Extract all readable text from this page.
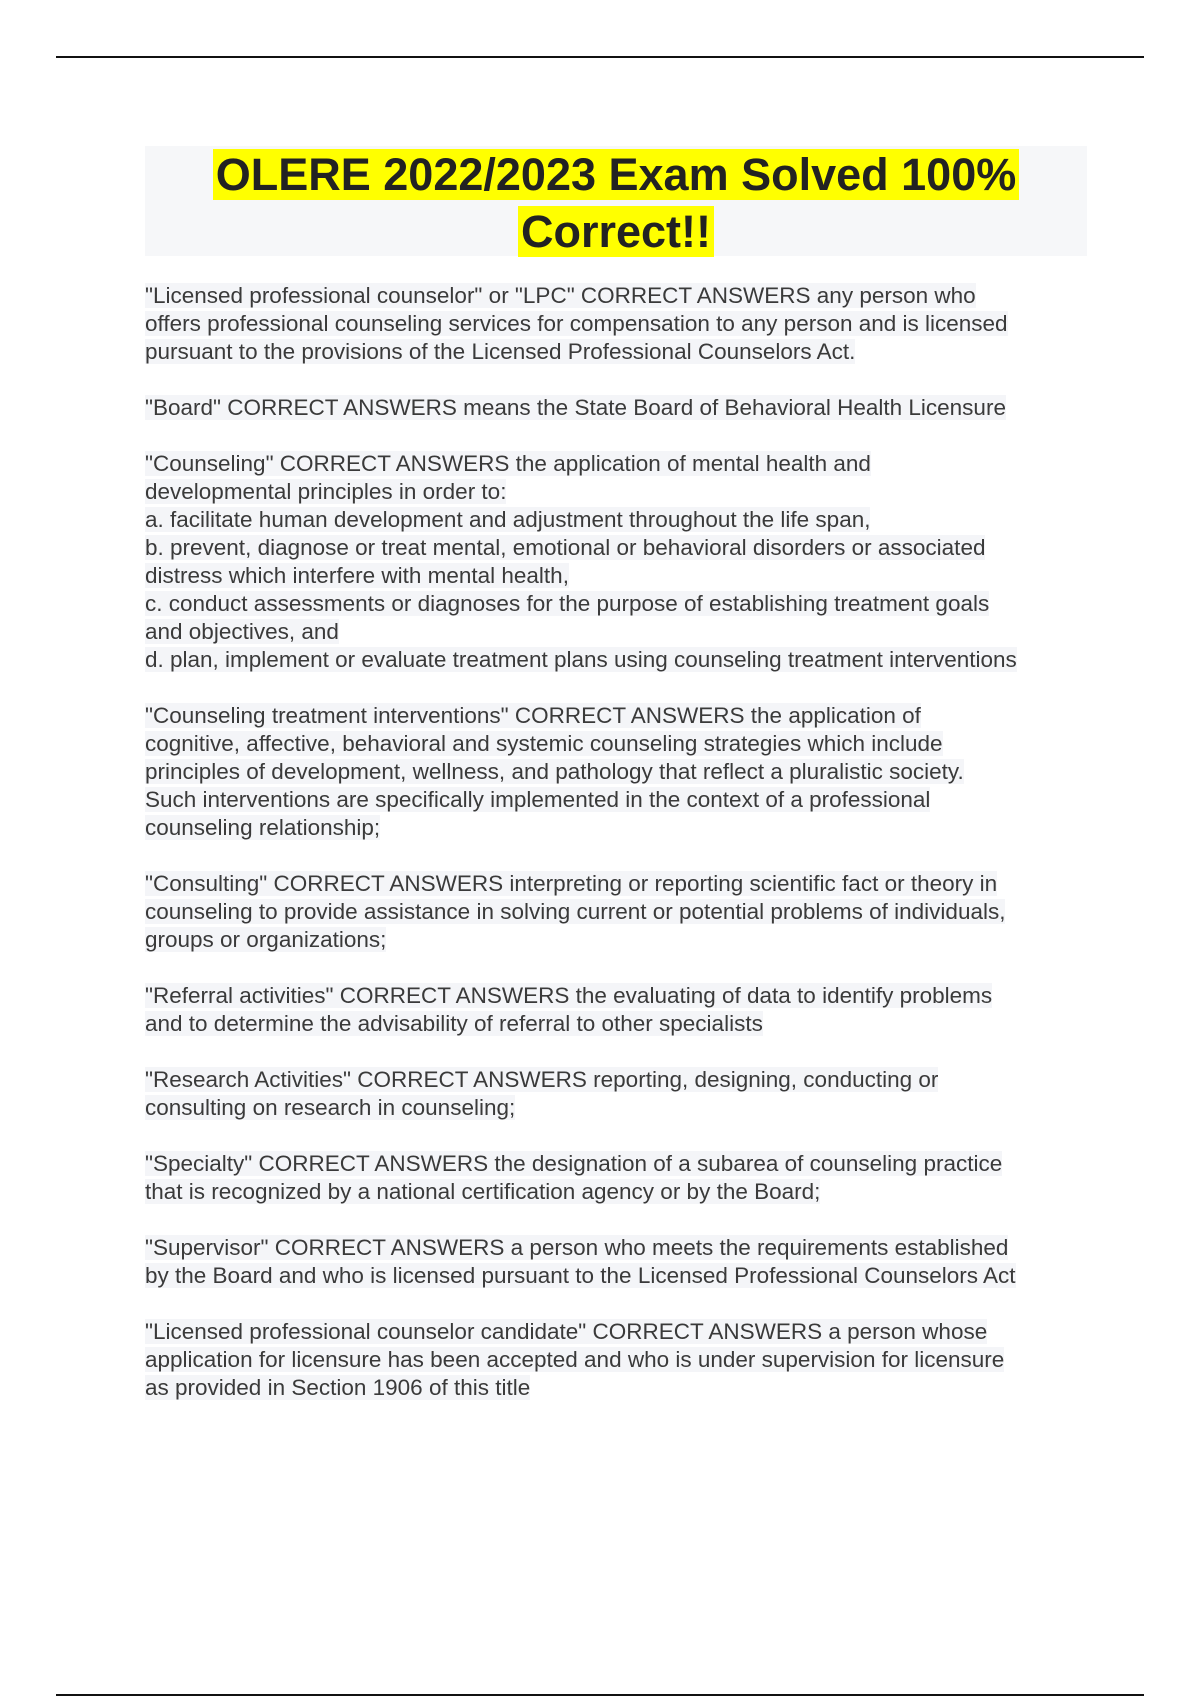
OLERE 2022/2023 Exam Solved 100%
Correct!!
"Licensed professional counselor" or "LPC" CORRECT ANSWERS any person who
offers professional counseling services for compensation to any person and is licensed
pursuant to the provisions of the Licensed Professional Counselors Act.
"Board" CORRECT ANSWERS means the State Board of Behavioral Health Licensure
"Counseling" CORRECT ANSWERS the application of mental health and
developmental principles in order to:
a. facilitate human development and adjustment throughout the life span,
b. prevent, diagnose or treat mental, emotional or behavioral disorders or associated
distress which interfere with mental health,
c. conduct assessments or diagnoses for the purpose of establishing treatment goals
and objectives, and
d. plan, implement or evaluate treatment plans using counseling treatment interventions
"Counseling treatment interventions" CORRECT ANSWERS the application of
cognitive, affective, behavioral and systemic counseling strategies which include
principles of development, wellness, and pathology that reflect a pluralistic society.
Such interventions are specifically implemented in the context of a professional
counseling relationship;
"Consulting" CORRECT ANSWERS interpreting or reporting scientific fact or theory in
counseling to provide assistance in solving current or potential problems of individuals,
groups or organizations;
"Referral activities" CORRECT ANSWERS the evaluating of data to identify problems
and to determine the advisability of referral to other specialists
"Research Activities" CORRECT ANSWERS reporting, designing, conducting or
consulting on research in counseling;
"Specialty" CORRECT ANSWERS the designation of a subarea of counseling practice
that is recognized by a national certification agency or by the Board;
"Supervisor" CORRECT ANSWERS a person who meets the requirements established
by the Board and who is licensed pursuant to the Licensed Professional Counselors Act
"Licensed professional counselor candidate" CORRECT ANSWERS a person whose
application for licensure has been accepted and who is under supervision for licensure
as provided in Section 1906 of this title
